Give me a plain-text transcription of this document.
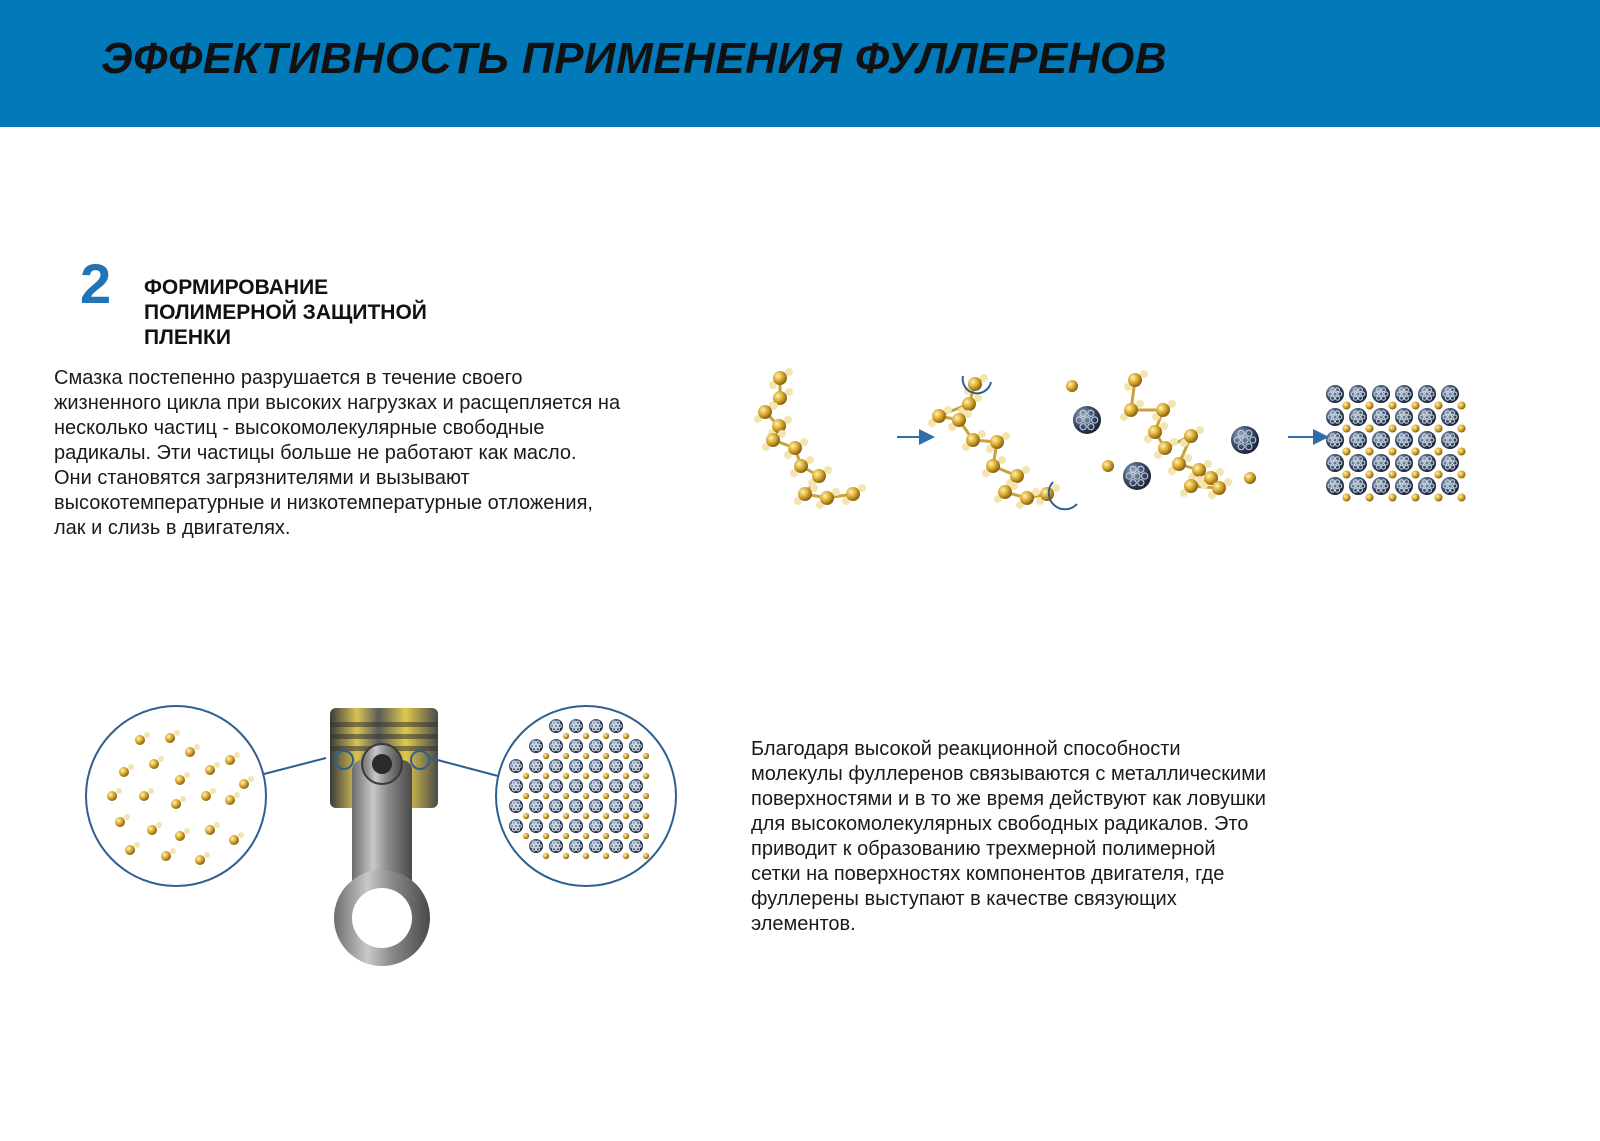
ЭФФЕКТИВНОСТЬ ПРИМЕНЕНИЯ ФУЛЛЕРЕНОВ
2 ФОРМИРОВАНИЕ
ПОЛИМЕРНОЙ ЗАЩИТНОЙ
ПЛЕНКИ
Смазка постепенно разрушается в течение своего
жизненного цикла при высоких нагрузках и расщепляется на
несколько частиц - высокомолекулярные свободные
радикалы. Эти частицы больше не работают как масло.
Они становятся загрязнителями и вызывают
высокотемпературные и низкотемпературные отложения,
лак и слизь в двигателях.
Благодаря высокой реакционной способности
молекулы фуллеренов связываются с металлическими
поверхностями и в то же время действуют как ловушки
для высокомолекулярных свободных радикалов. Это
приводит к образованию трехмерной полимерной
сетки на поверхностях компонентов двигателя, где
фуллерены выступают в качестве связующих
элементов.
